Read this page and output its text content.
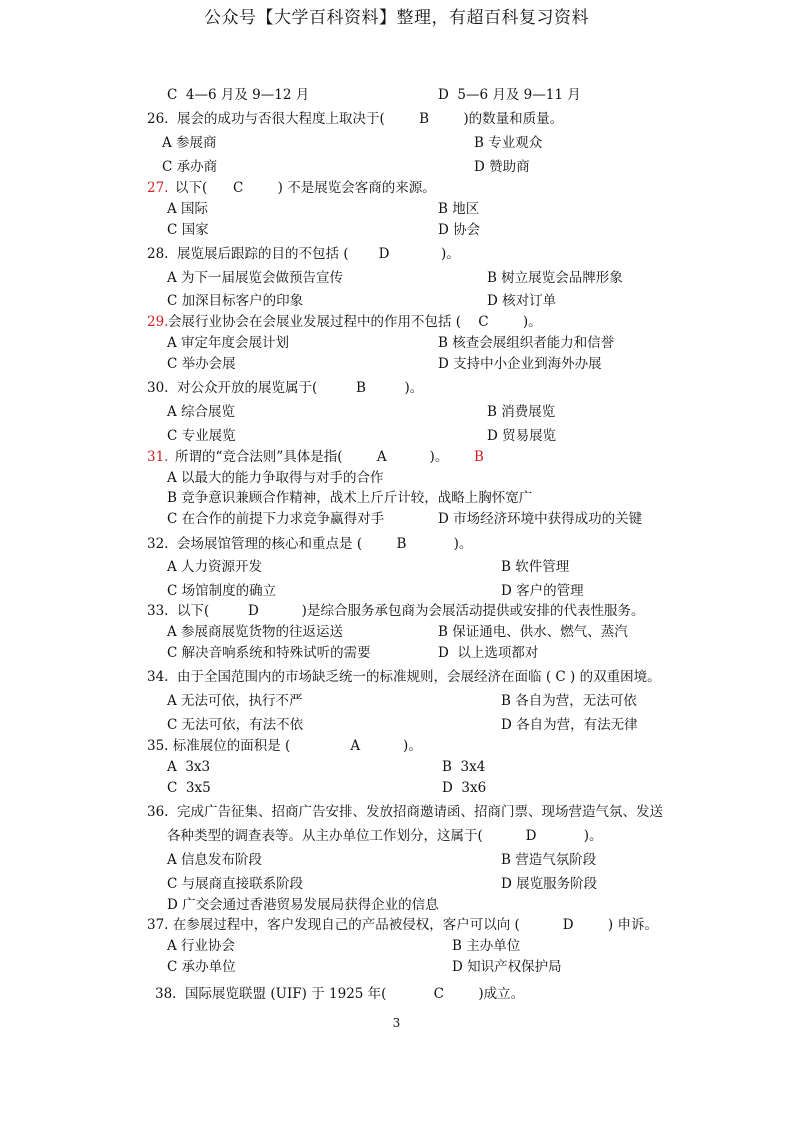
公众号【大学百科资料】整理，有超百科复习资料
C  4—6 月及 9—12 月	D  5—6 月及 9—11 月
26.  展会的成功与否很大程度上取决于(        B        )的数量和质量。
A 参展商	B 专业观众
C 承办商	D 赞助商
27. 以下(      C        ) 不是展览会客商的来源。
A 国际	B 地区
C 国家	D 协会
28.  展览展后跟踪的目的不包括 (       D            )。
A 为下一届展览会做预告宣传	B 树立展览会品牌形象
C 加深目标客户的印象	D 核对订单
29. 会展行业协会在会展业发展过程中的作用不包括 (    C        )。
A 审定年度会展计划	B 核查会展组织者能力和信誉
C 举办会展	D 支持中小企业到海外办展
30.  对公众开放的展览属于(         B         )。
A 综合展览	B 消费展览
C 专业展览	D 贸易展览
31. 所谓的“竞合法则”具体是指(        A          )。 B
A 以最大的能力争取得与对手的合作
B 竞争意识兼顾合作精神，战术上斤斤计较，战略上胸怀宽广
C 在合作的前提下力求竞争赢得对手	D 市场经济环境中获得成功的关键
32.  会场展馆管理的核心和重点是 (        B           )。
A 人力资源开发	B 软件管理
C 场馆制度的确立	D 客户的管理
33.  以下(         D          )是综合服务承包商为会展活动提供或安排的代表性服务。
A 参展商展览货物的往返运送	B 保证通电、供水、燃气、蒸汽
C 解决音响系统和特殊试听的需要	D  以上选项都对
34.  由于全国范围内的市场缺乏统一的标准规则，会展经济在面临 ( C ) 的双重困境。
A 无法可依，执行不严	B 各自为营，无法可依
C 无法可依，有法不依	D 各自为营，有法无律
35. 标准展位的面积是 (              A          )。
A  3x3	B  3x4
C  3x5	D  3x6
36.  完成广告征集、招商广告安排、发放招商邀请函、招商门票、现场营造气氛、发送
各种类型的调查表等。从主办单位工作划分，这属于(          D           )。
A 信息发布阶段	B 营造气氛阶段
C 与展商直接联系阶段	D 展览服务阶段
D 广交会通过香港贸易发展局获得企业的信息
37. 在参展过程中，客户发现自己的产品被侵权，客户可以向 (          D        ) 申诉。
A 行业协会	B 主办单位
C 承办单位	D 知识产权保护局
38.  国际展览联盟 (UIF) 于 1925 年(           C        )成立。
3
